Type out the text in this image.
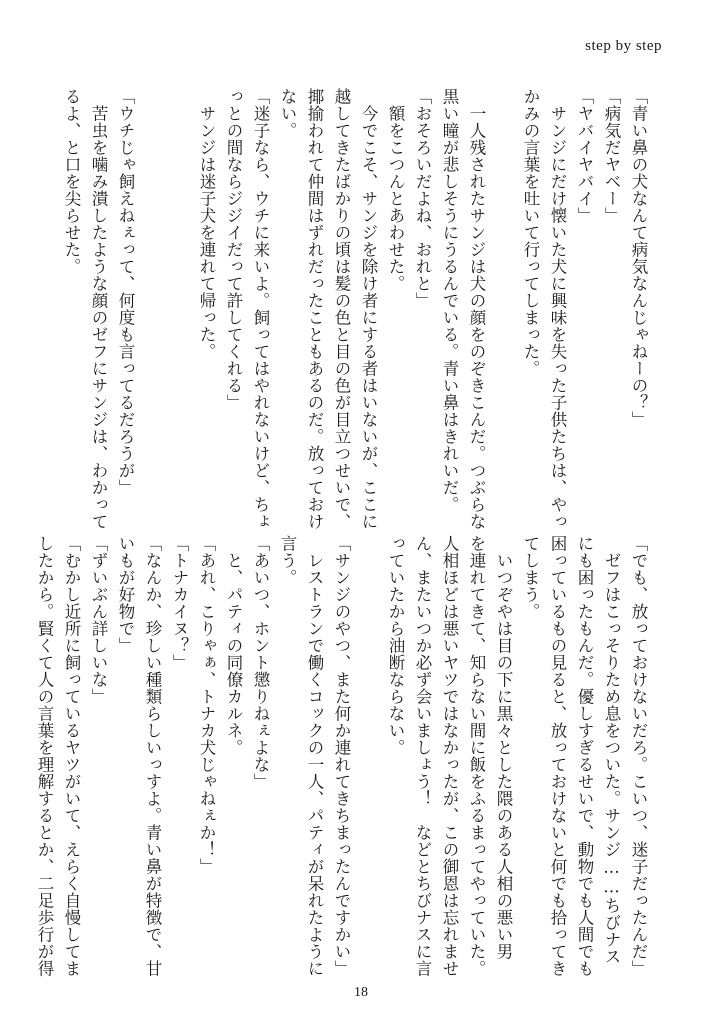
step by step
「青い鼻の犬なんて病気なんじゃねーの？」
「病気だヤベー」
「ヤバイヤバイ」
　サンジにだけ懐いた犬に興味を失った子供たちは、やっ
かみの言葉を吐いて行ってしまった。

　一人残されたサンジは犬の顔をのぞきこんだ。つぶらな
黒い瞳が悲しそうにうるんでいる。青い鼻はきれいだ。
「おそろいだよね、おれと」
　額をこつんとあわせた。
　今でこそ、サンジを除け者にする者はいないが、ここに
越してきたばかりの頃は髪の色と目の色が目立つせいで、
揶揄われて仲間はずれだったこともあるのだ。放っておけ
ない。
「迷子なら、ウチに来いよ。飼ってはやれないけど、ちょ
っとの間ならジジイだって許してくれる」
　サンジは迷子犬を連れて帰った。

「ウチじゃ飼えねぇって、何度も言ってるだろうが」
　苦虫を噛み潰したような顔のゼフにサンジは、わかって
るよ、と口を尖らせた。
「でも、放っておけないだろ。こいつ、迷子だったんだ」
　ゼフはこっそりため息をついた。サンジ……ちびナス
にも困ったもんだ。優しすぎるせいで、動物でも人間でも
困っているもの見ると、放っておけないと何でも拾ってき
てしまう。
　いつぞやは目の下に黒々とした隈のある人相の悪い男
を連れてきて、知らない間に飯をふるまってやっていた。
人相ほどは悪いヤツではなかったが、この御恩は忘れませ
ん、またいつか必ず会いましょう！　などとちびナスに言
っていたから油断ならない。

「サンジのやつ、また何か連れてきちまったんですかい」
　レストランで働くコックの一人、パティが呆れたように
言う。
「あいつ、ホント懲りねぇよな」
　と、パティの同僚カルネ。
「あれ、こりゃぁ、トナカ犬じゃねぇか！」
「トナカイヌ？」
「なんか、珍しい種類らしいっすよ。青い鼻が特徴で、甘
いもが好物で」
「ずいぶん詳しいな」
「むかし近所に飼っているヤツがいて、えらく自慢してま
したから。賢くて人の言葉を理解するとか、二足歩行が得
18
